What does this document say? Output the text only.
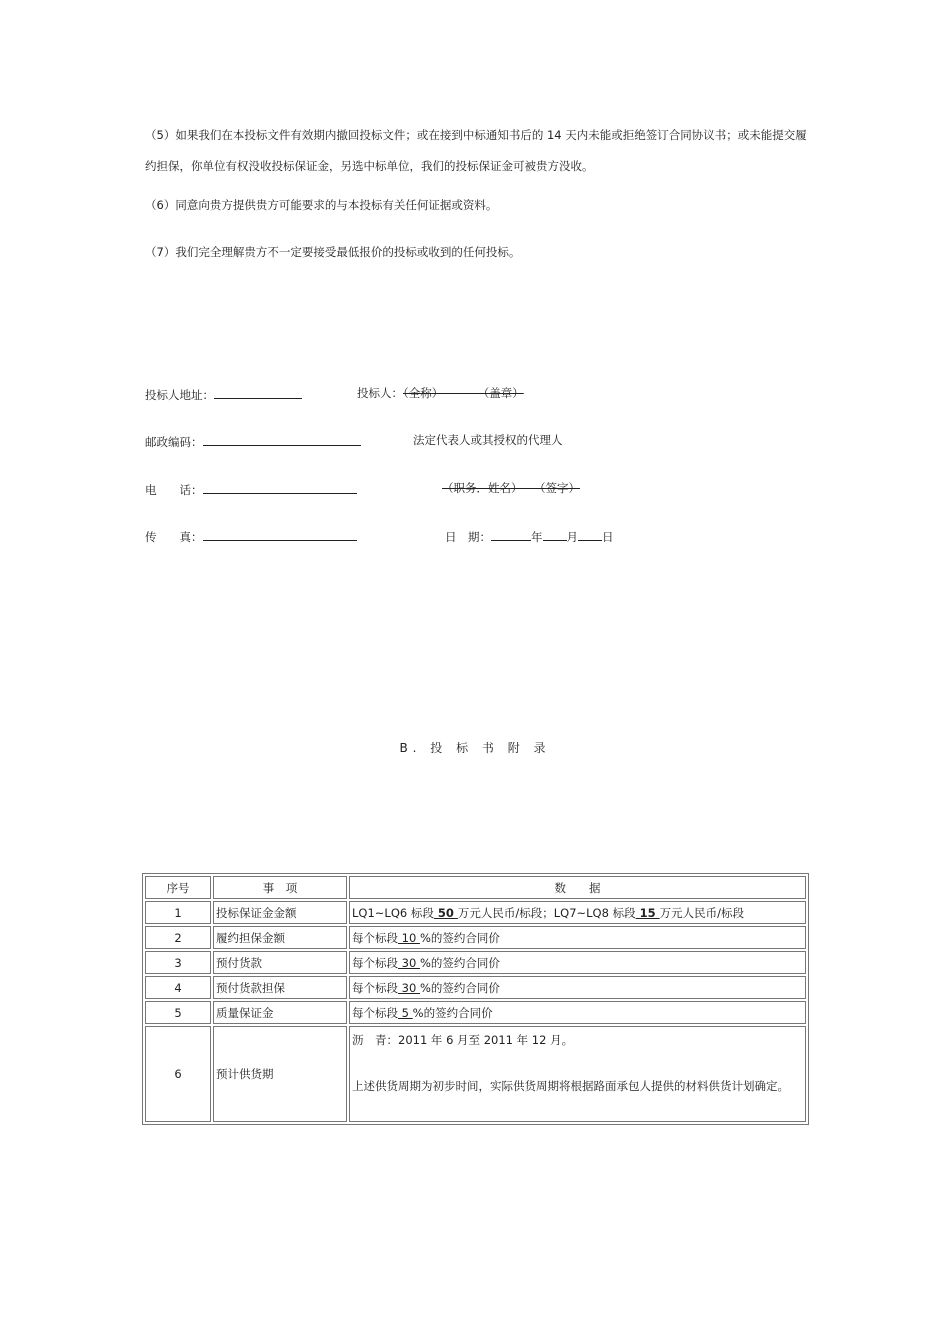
（5）如果我们在本投标文件有效期内撤回投标文件；或在接到中标通知书后的 14 天内未能或拒绝签订合同协议书；或未能提交履约担保，你单位有权没收投标保证金，另选中标单位，我们的投标保证金可被贵方没收。
（6）同意向贵方提供贵方可能要求的与本投标有关任何证据或资料。
（7）我们完全理解贵方不一定要接受最低报价的投标或收到的任何投标。
投标人地址：	投标人：（全称）　　　　（盖章）
邮政编码：	法定代表人或其授权的代理人
电　　话：	（职务．姓名）　　（签字）
传　　真：	日　期：	年 月 日
B. 投 标 书 附 录
序号	事　项	数　　据
1	投标保证金金额	LQ1~LQ6 标段 50 万元人民币/标段；LQ7~LQ8 标段 15 万元人民币/标段
2	履约担保金额	每个标段 10 %的签约合同价
3	预付货款	每个标段 30 %的签约合同价
4	预付货款担保	每个标段 30 %的签约合同价
5	质量保证金	每个标段 5 %的签约合同价
6	预计供货期	沥　青：2011 年 6 月至 2011 年 12 月。
上述供货周期为初步时间，实际供货周期将根据路面承包人提供的材料供货计划确定。
